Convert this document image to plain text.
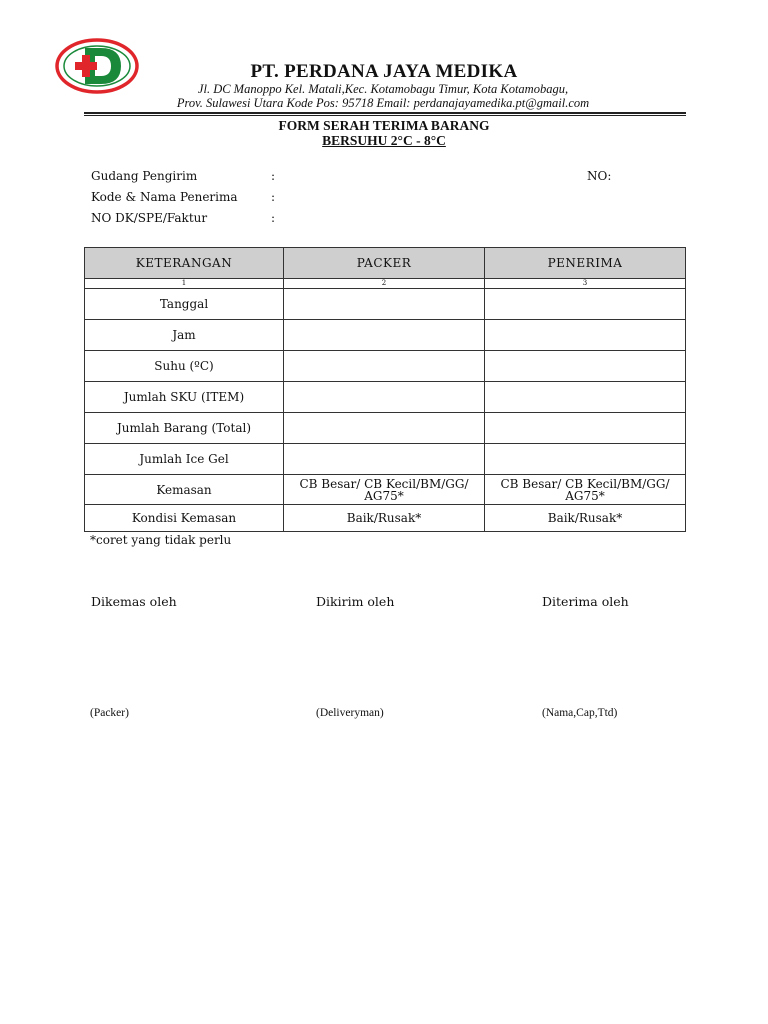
PT. PERDANA JAYA MEDIKA
Jl. DC Manoppo Kel. Matali,Kec. Kotamobagu Timur, Kota Kotamobagu,
Prov. Sulawesi Utara Kode Pos: 95718 Email: perdanajayamedika.pt@gmail.com
FORM SERAH TERIMA BARANG
BERSUHU 2°C - 8°C
Gudang Pengirim	:
Kode & Nama Penerima	:
NO DK/SPE/Faktur	:
NO:
KETERANGAN	PACKER	PENERIMA
1	2	3
Tanggal		
Jam		
Suhu (ºC)		
Jumlah SKU (ITEM)		
Jumlah Barang (Total)		
Jumlah Ice Gel		
Kemasan	CB Besar/ CB Kecil/BM/GG/ AG75*	CB Besar/ CB Kecil/BM/GG/ AG75*
Kondisi Kemasan	Baik/Rusak*	Baik/Rusak*
*coret yang tidak perlu
Dikemas oleh	Dikirim oleh	Diterima oleh
(Packer)	(Deliveryman)	(Nama,Cap,Ttd)
